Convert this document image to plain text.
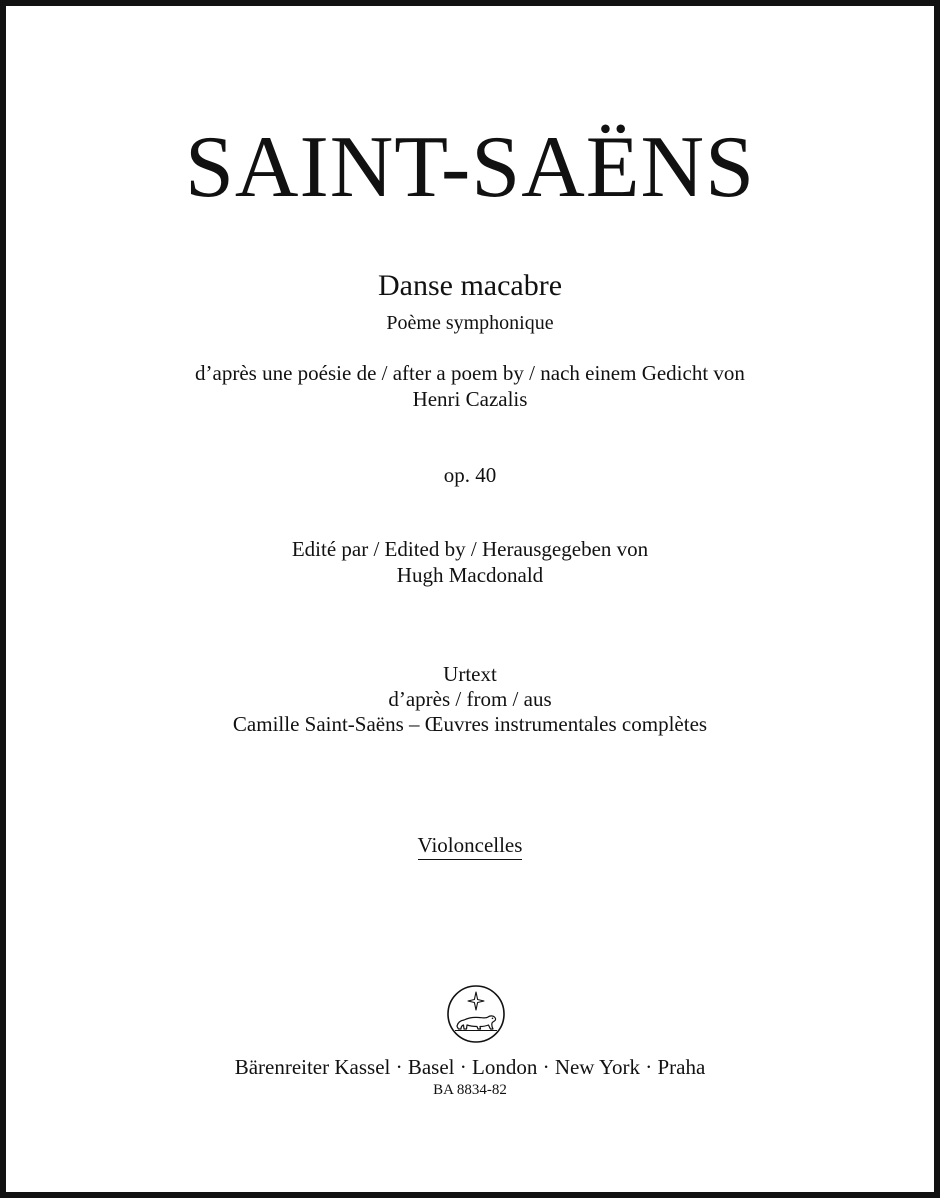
SAINT-SAËNS
Danse macabre
Poème symphonique
d’après une poésie de / after a poem by / nach einem Gedicht von
Henri Cazalis
op. 40
Edité par / Edited by / Herausgegeben von
Hugh Macdonald
Urtext
d’après / from / aus
Camille Saint-Saëns – Œuvres instrumentales complètes
Violoncelles
Bärenreiter Kassel · Basel · London · New York · Praha
BA 8834-82
